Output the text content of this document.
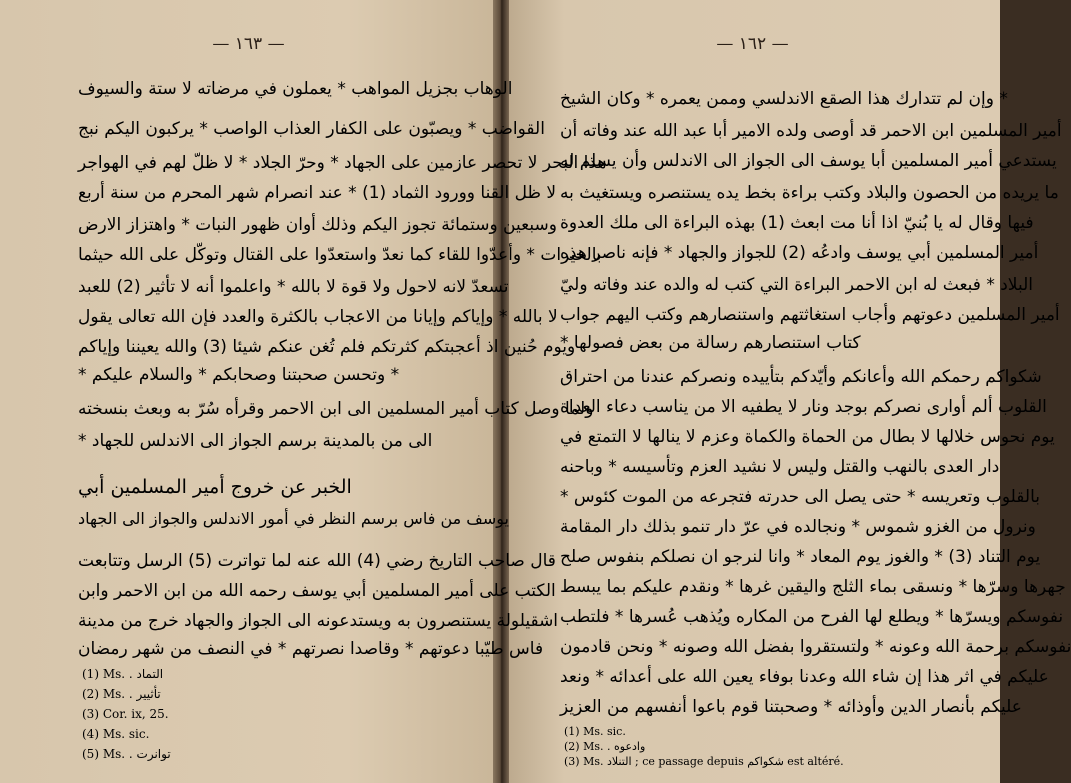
— ١٦٣ —	— ١٦٢ —
الوهاب بجزيل المواهب * يعملون في مرضاته لا ستة والسيوف
القواضب * ويصبّون على الكفار العذاب الواصب * يركبون اليكم نبج
هذا البحر لا تحصر عازمين على الجهاد * وحرّ الجلاد * لا ظلّ لهم في الهواجر
لا ظل القنا وورود الثماد (1) * عند انصرام شهر المحرم من سنة أربع
وسبعين وستمائة تجوز اليكم وذلك أوان ظهور النبات * واهتزاز الارض
بالخيرات * وأعدّوا للقاء كما نعدّ واستعدّوا على القتال وتوكّل على الله حيثما
تسعدّ لانه لاحول ولا قوة لا بالله * واعلموا أنه لا تأثير (2) للعبد
لا بالله * وإياكم وإيانا من الاعجاب بالكثرة والعدد فإن الله تعالى يقول
ويوم حُنين اذ أعجبتكم كثرتكم فلم تُغن عنكم شيئا (3) والله يعيننا وإياكم
* وتحسن صحبتنا وصحابكم * والسلام عليكم *
ولما وصل كتاب أمير المسلمين الى ابن الاحمر وقرأه سُرّ به وبعث بنسخته
الى من بالمدينة برسم الجواز الى الاندلس للجهاد *
الخبر عن خروج أمير المسلمين أبي
يوسف من فاس برسم النظر في أمور الاندلس والجواز الى الجهاد
قال صاحب التاريخ رضي (4) الله عنه لما تواترت (5) الرسل وتتابعت
الكتب على أمير المسلمين أبي يوسف رحمه الله من ابن الاحمر وابن
اشقيلولة يستنصرون به ويستدعونه الى الجواز والجهاد خرج من مدينة
فاس طيّبا دعوتهم * وقاصدا نصرتهم * في النصف من شهر رمضان
(1) Ms. التماد .
(2) Ms. تأثيير .
(3) Cor. ix, 25.
(4) Ms. sic.
(5) Ms. توانرت .
* وإن لم تتدارك هذا الصقع الاندلسي وممن يعمره * وكان الشيخ
أمير المسلمين ابن الاحمر قد أوصى ولده الامير أبا عبد الله عند وفاته أن
يستدعي أمير المسلمين أبا يوسف الى الجواز الى الاندلس وأن يسلم له
ما يريده من الحصون والبلاد وكتب براءة بخط يده يستنصره ويستغيث به
فيها وقال له يا بُنيّ اذا أنا مت ابعث (1) بهذه البراءة الى ملك العدوة
أمير المسلمين أبي يوسف وادعُه (2) للجواز والجهاد * فإنه ناصر هذه
البلاد * فبعث له ابن الاحمر البراءة التي كتب له والده عند وفاته وليّ
أمير المسلمين دعوتهم وأجاب استغاثتهم واستنصارهم وكتب اليهم جواب
كتاب استنصارهم رسالة من بعض فصولها *
شكواكم رحمكم الله وأعانكم وأيّدكم بتأييده ونصركم عندنا من احتراق
القلوب ألم أوارى نصركم بوجد ونار لا يطفيه الا من يناسب دعاء العداة
يوم نحوس خلالها لا بطال من الحماة والكماة وعزم لا ينالها لا التمتع في
دار العدى بالنهب والقتل وليس لا نشيد العزم وتأسيسه * وباحنه
بالقلوب وتعريسه * حتى يصل الى حدرته فتجرعه من الموت كئوس *
ونرول من الغزو شموس * ونجالده في عرّ دار تنمو بذلك دار المقامة
يوم التناد (3) * والغوز يوم المعاد * وانا لنرجو ان نصلكم بنفوس صلح
جهرها وسرّها * ونسقى بماء الثلج واليقين غرها * ونقدم عليكم بما يبسط
نفوسكم ويسرّها * ويطلع لها الفرح من المكاره ويُذهب عُسرها * فلتطب
نفوسكم برحمة الله وعونه * ولتستقروا بفضل الله وصونه * ونحن قادمون
عليكم في اثر هذا إن شاء الله وعدنا بوفاء يعين الله على أعدائه * ونعد
عليكم بأنصار الدين وأوذائه * وصحبتنا قوم باعوا أنفسهم من العزيز
(1) Ms. sic.
(2) Ms. وادعوه .
(3) Ms. التنلاد ; ce passage depuis شكواكم est altéré.
